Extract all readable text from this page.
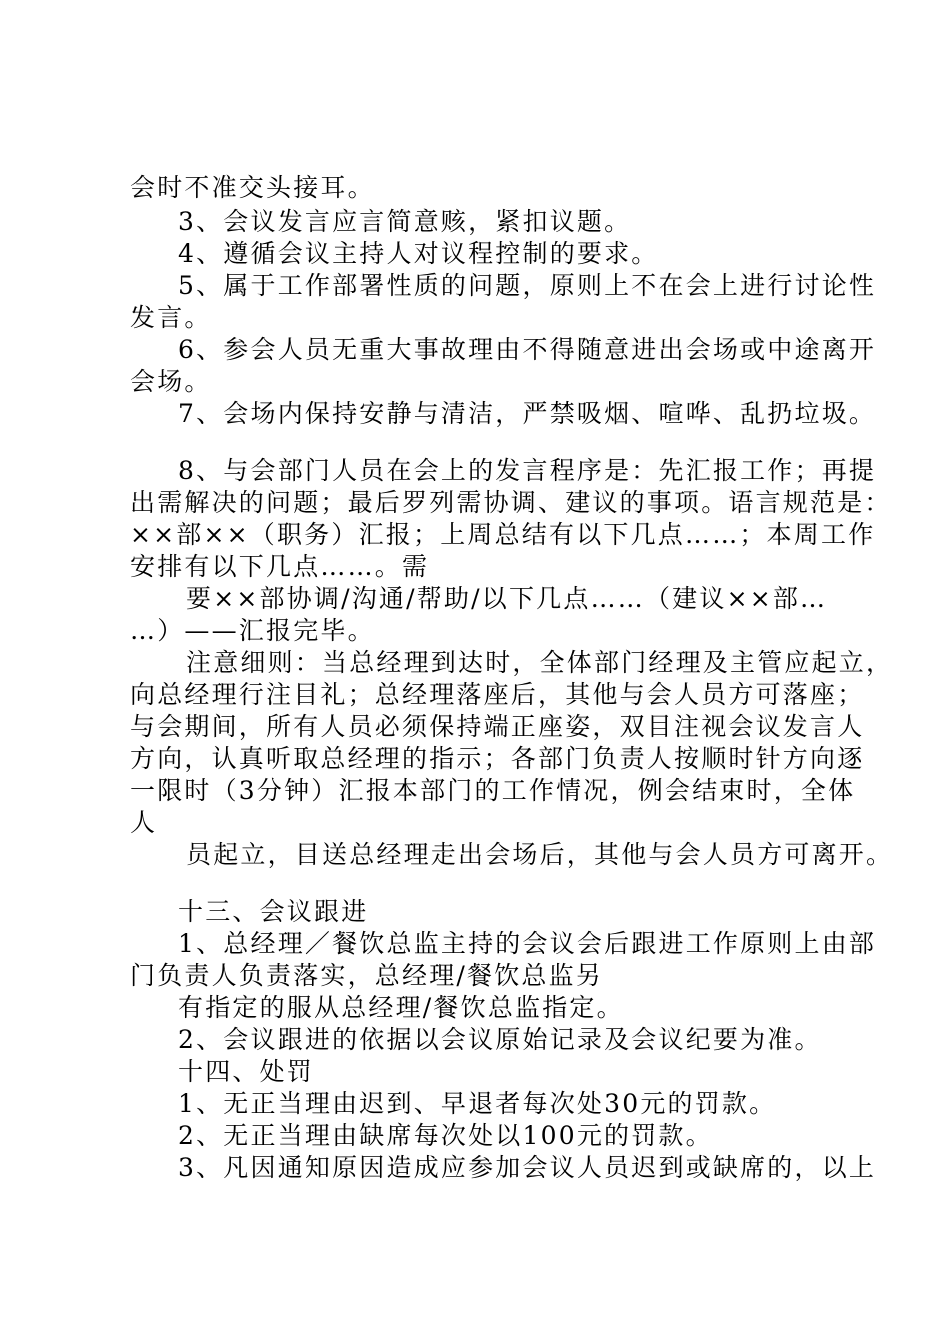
会时不准交头接耳。
3、会议发言应言简意赅，紧扣议题。
4、遵循会议主持人对议程控制的要求。
5、属于工作部署性质的问题，原则上不在会上进行讨论性
发言。
6、参会人员无重大事故理由不得随意进出会场或中途离开
会场。
7、会场内保持安静与清洁，严禁吸烟、喧哗、乱扔垃圾。
8、与会部门人员在会上的发言程序是：先汇报工作；再提
出需解决的问题；最后罗列需协调、建议的事项。语言规范是：
××部××（职务）汇报；上周总结有以下几点……；本周工作
安排有以下几点……。需
要××部协调/沟通/帮助/以下几点……（建议××部…
…）——汇报完毕。
注意细则：当总经理到达时，全体部门经理及主管应起立，
向总经理行注目礼；总经理落座后，其他与会人员方可落座；
与会期间，所有人员必须保持端正座姿，双目注视会议发言人
方向，认真听取总经理的指示；各部门负责人按顺时针方向逐
一限时（3分钟）汇报本部门的工作情况，例会结束时，全体
人
员起立，目送总经理走出会场后，其他与会人员方可离开。
十三、会议跟进
1、总经理／餐饮总监主持的会议会后跟进工作原则上由部
门负责人负责落实，总经理/餐饮总监另
有指定的服从总经理/餐饮总监指定。
2、会议跟进的依据以会议原始记录及会议纪要为准。
十四、处罚
1、无正当理由迟到、早退者每次处30元的罚款。
2、无正当理由缺席每次处以100元的罚款。
3、凡因通知原因造成应参加会议人员迟到或缺席的，以上
